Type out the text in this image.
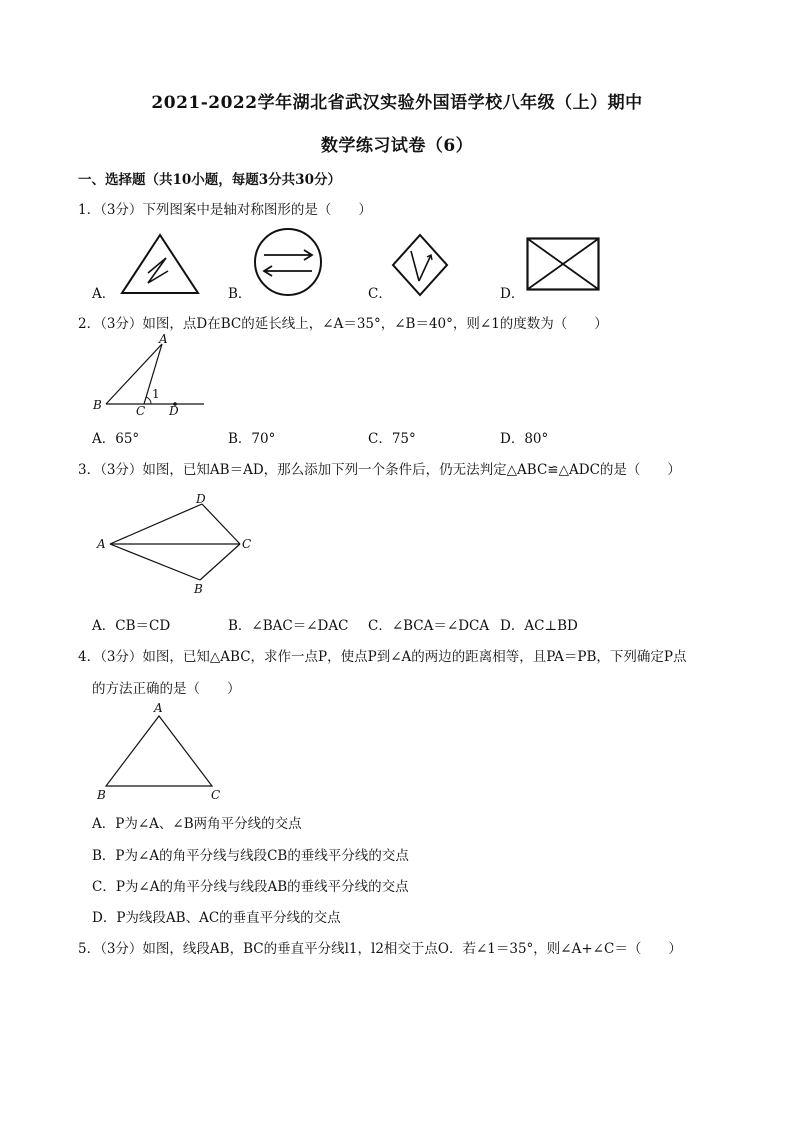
2021-2022学年湖北省武汉实验外国语学校八年级（上）期中
数学练习试卷（6）
一、选择题（共10小题，每题3分共30分）
1．（3分）下列图案中是轴对称图形的是（　　）
A．	B．	C．	D．
2．（3分）如图，点D在BC的延长线上，∠A＝35°，∠B＝40°，则∠1的度数为（　　）
A
B	C D
1
A．65°	B．70°	C．75°	D．80°
3．（3分）如图，已知AB＝AD，那么添加下列一个条件后，仍无法判定△ABC≌△ADC的是（　　）
D
A	C
B
A．CB＝CD	B．∠BAC＝∠DAC C．∠BCA＝∠DCA D．AC⊥BD
4．（3分）如图，已知△ABC，求作一点P，使点P到∠A的两边的距离相等，且PA＝PB，下列确定P点
的方法正确的是（　　）
A
B	C
A．P为∠A、∠B两角平分线的交点
B．P为∠A的角平分线与线段CB的垂线平分线的交点
C．P为∠A的角平分线与线段AB的垂线平分线的交点
D．P为线段AB、AC的垂直平分线的交点
5．（3分）如图，线段AB，BC的垂直平分线l1，l2相交于点O．若∠1＝35°，则∠A+∠C＝（　　）
